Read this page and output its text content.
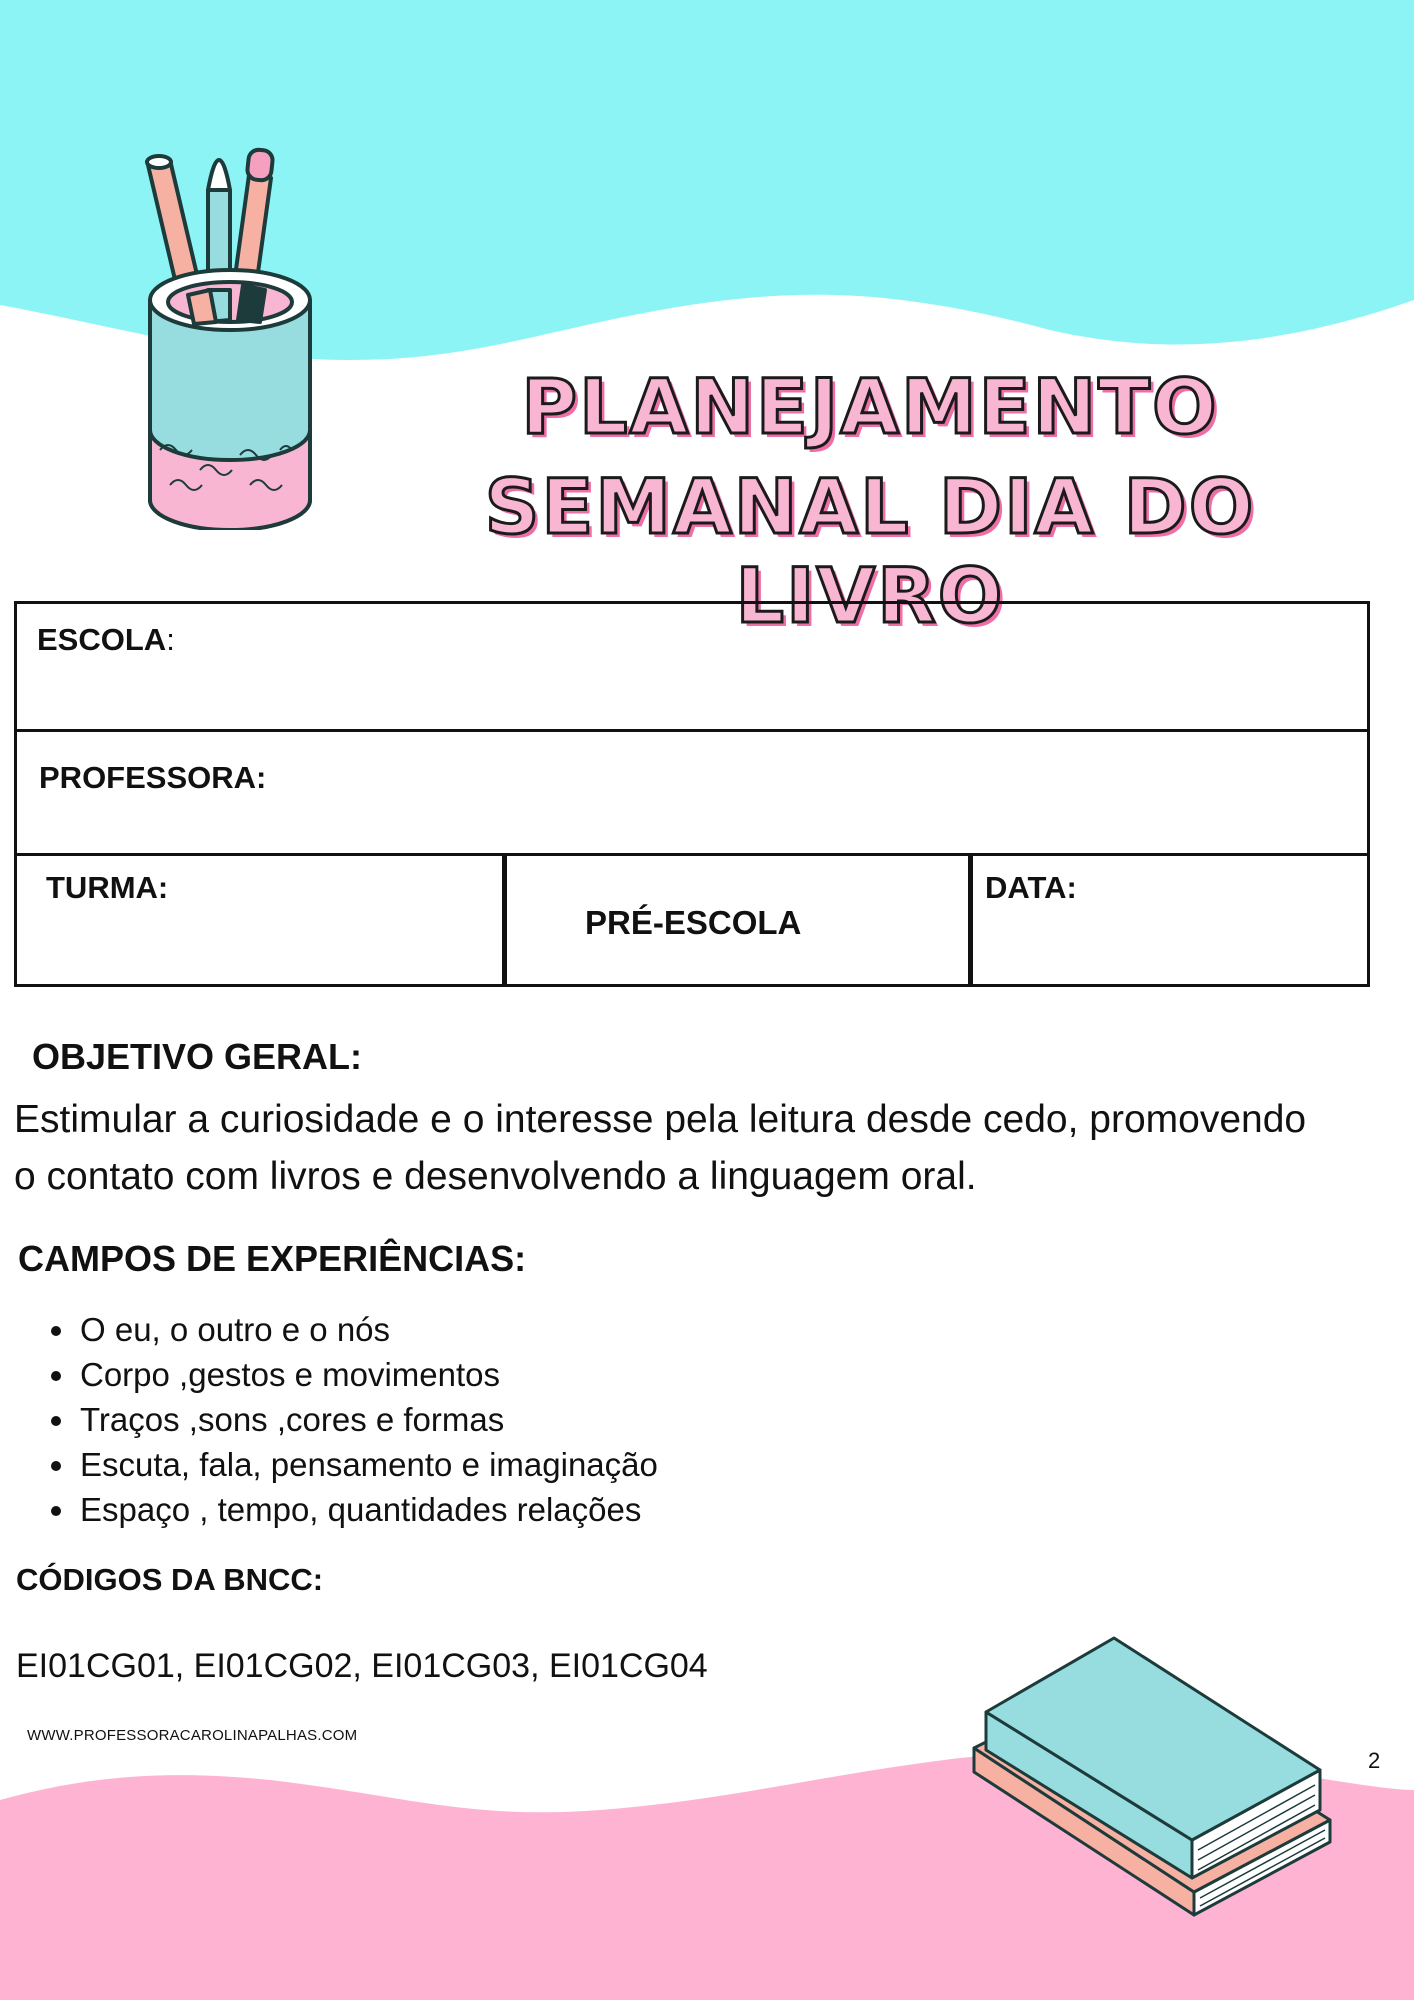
PLANEJAMENTO
SEMANAL DIA DO LIVRO
ESCOLA:
PROFESSORA:
TURMA:
PRÉ-ESCOLA
DATA:
OBJETIVO GERAL:
Estimular a curiosidade e o interesse pela leitura desde cedo, promovendo
o contato com livros e desenvolvendo a linguagem oral.
CAMPOS DE EXPERIÊNCIAS:
• O eu, o outro e o nós
• Corpo ,gestos e movimentos
• Traços ,sons ,cores e formas
• Escuta, fala, pensamento e imaginação
• Espaço , tempo, quantidades relações
CÓDIGOS DA BNCC:
EI01CG01, EI01CG02, EI01CG03, EI01CG04
WWW.PROFESSORACAROLINAPALHAS.COM
2
